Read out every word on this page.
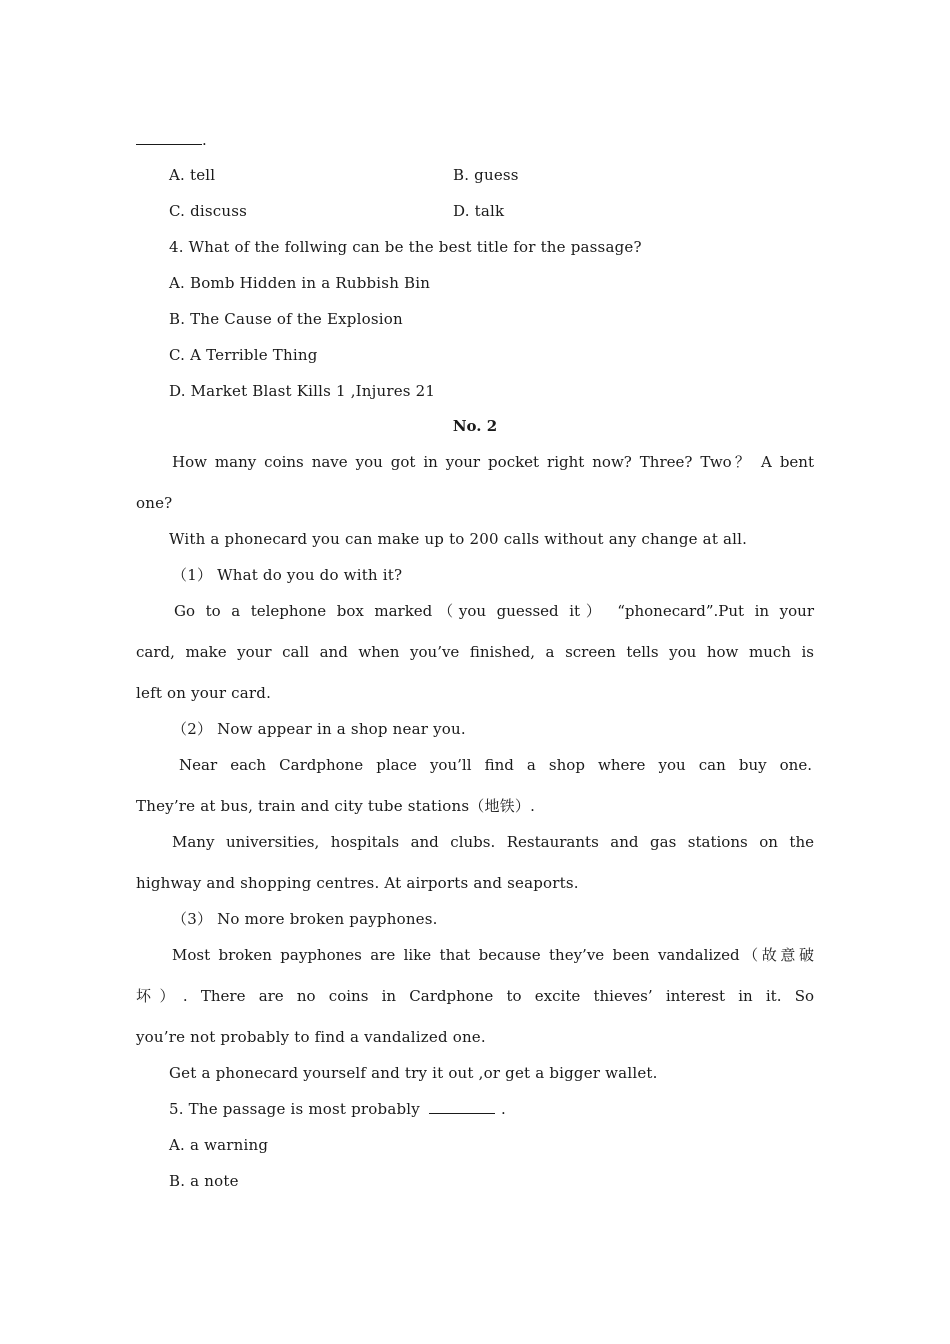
.
A. tell	B. guess
C. discuss	D. talk
4. What of the follwing can be the best title for the passage?
A. Bomb Hidden in a Rubbish Bin
B. The Cause of the Explosion
C. A Terrible Thing
D. Market Blast Kills 1 ,Injures 21
No. 2
How many coins nave you got in your pocket right now? Three? Two？ A bent
one?
With a phonecard you can make up to 200 calls without any change at all.
（1） What do you do with it?
Go to a telephone box marked（you guessed it） “phonecard”.Put in your
card, make your call and when you’ve finished, a screen tells you how much is
left on your card.
（2） Now appear in a shop near you.
Near each Cardphone place you’ll find a shop where you can buy one.
They’re at bus, train and city tube stations（地铁）.
Many universities, hospitals and clubs. Restaurants and gas stations on the
highway and shopping centres. At airports and seaports.
（3） No more broken payphones.
Most broken payphones are like that because they’ve been vandalized（故意破
坏）. There are no coins in Cardphone to excite thieves’ interest in it. So
you’re not probably to find a vandalized one.
Get a phonecard yourself and try it out ,or get a bigger wallet.
5. The passage is most probably	.
A. a warning
B. a note
